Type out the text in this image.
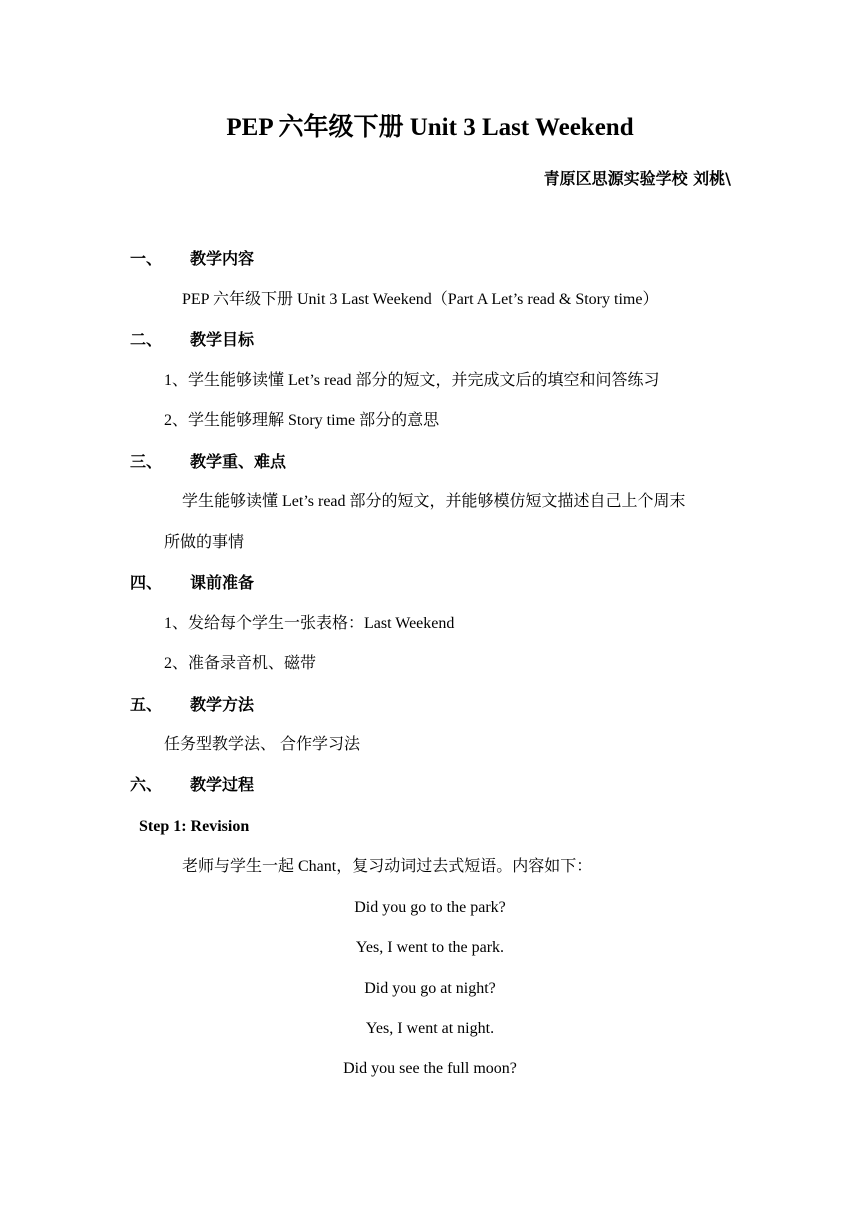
PEP 六年级下册 Unit 3 Last Weekend
青原区思源实验学校 刘桃\
一、 教学内容
PEP 六年级下册 Unit 3 Last Weekend（Part A Let’s read & Story time）
二、 教学目标
1、学生能够读懂 Let’s read 部分的短文，并完成文后的填空和问答练习
2、学生能够理解 Story time 部分的意思
三、 教学重、难点
学生能够读懂 Let’s read 部分的短文，并能够模仿短文描述自己上个周末
所做的事情
四、 课前准备
1、发给每个学生一张表格：Last Weekend
2、准备录音机、磁带
五、 教学方法
任务型教学法、 合作学习法
六、 教学过程
Step 1: Revision
老师与学生一起 Chant，复习动词过去式短语。内容如下：
Did you go to the park?
Yes, I went to the park.
Did you go at night?
Yes, I went at night.
Did you see the full moon?
